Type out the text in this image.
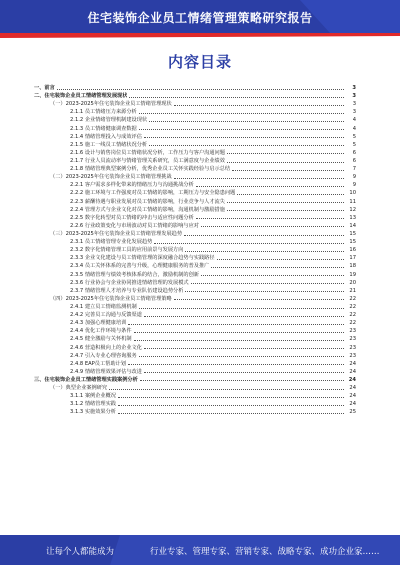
住宅装饰企业员工情绪管理策略研究报告
内容目录
一、前言	3
二、住宅装饰企业员工情绪管理发展现状	3
（一）2023-2025年住宅装饰企业员工情绪管理现状	3
2.1.1 员工情绪压力来源分析	3
2.1.2 企业情绪管理机制建设现状	4
2.1.3 员工情绪健康调查数据	4
2.1.4 情绪管理投入与成效评估	5
2.1.5 施工一线员工情绪状况分析	5
2.1.6 设计与销售岗位员工情绪状况分析，工作压力与客户沟通问题	6
2.1.7 行业人员流动率与情绪管理关系研究，员工满意度与企业绩效	6
2.1.8 情绪管理典型案例分析，优秀企业员工关怀实践经验与启示总结	7
（二）2023-2025年住宅装饰企业员工情绪管理挑战	9
2.2.1 客户需求多样化带来的情绪压力与沟通挑战分析	9
2.2.2 施工环境与工作强度对员工情绪的影响，工期压力与安全隐患问题	10
2.2.3 薪酬待遇与职业发展对员工情绪的影响，行业竞争与人才流失	11
2.2.4 管理方式与企业文化对员工情绪的影响，沟通机制与激励措施	12
2.2.5 数字化转型对员工情绪的冲击与适应性问题分析	13
2.2.6 行业政策变化与市场波动对员工情绪的影响与应对	14
（三）2023-2025年住宅装饰企业员工情绪管理发展趋势	15
2.3.1 员工情绪管理专业化发展趋势	15
2.3.2 数字化情绪管理工具的应用前景与发展方向	16
2.3.3 企业文化建设与员工情绪管理的深度融合趋势与实践路径	17
2.3.4 员工关怀体系的完善与升级，心理健康服务的普及推广	18
2.3.5 情绪管理与绩效考核体系的结合，激励机制的创新	19
2.3.6 行业协会与企业协同推进情绪管理的发展模式	20
2.3.7 情绪管理人才培养与专业队伍建设趋势分析	21
（四）2023-2025年住宅装饰企业员工情绪管理策略	22
2.4.1 建立员工情绪监测机制	22
2.4.2 完善员工沟通与反馈渠道	22
2.4.3 加强心理健康培训	22
2.4.4 优化工作环境与条件	23
2.4.5 健全激励与关怀机制	23
2.4.6 营造积极向上的企业文化	23
2.4.7 引入专业心理咨询服务	23
2.4.8 EAP员工帮助计划	24
2.4.9 情绪管理效果评估与改进	24
三、住宅装饰企业员工情绪管理实践案例分析	24
（一）典型企业案例研究	24
3.1.1 案例企业概况	24
3.1.2 情绪管理实践	24
3.1.3 实施效果分析	25
让每个人都能成为	行业专家、管理专家、营销专家、战略专家、成功企业家……
